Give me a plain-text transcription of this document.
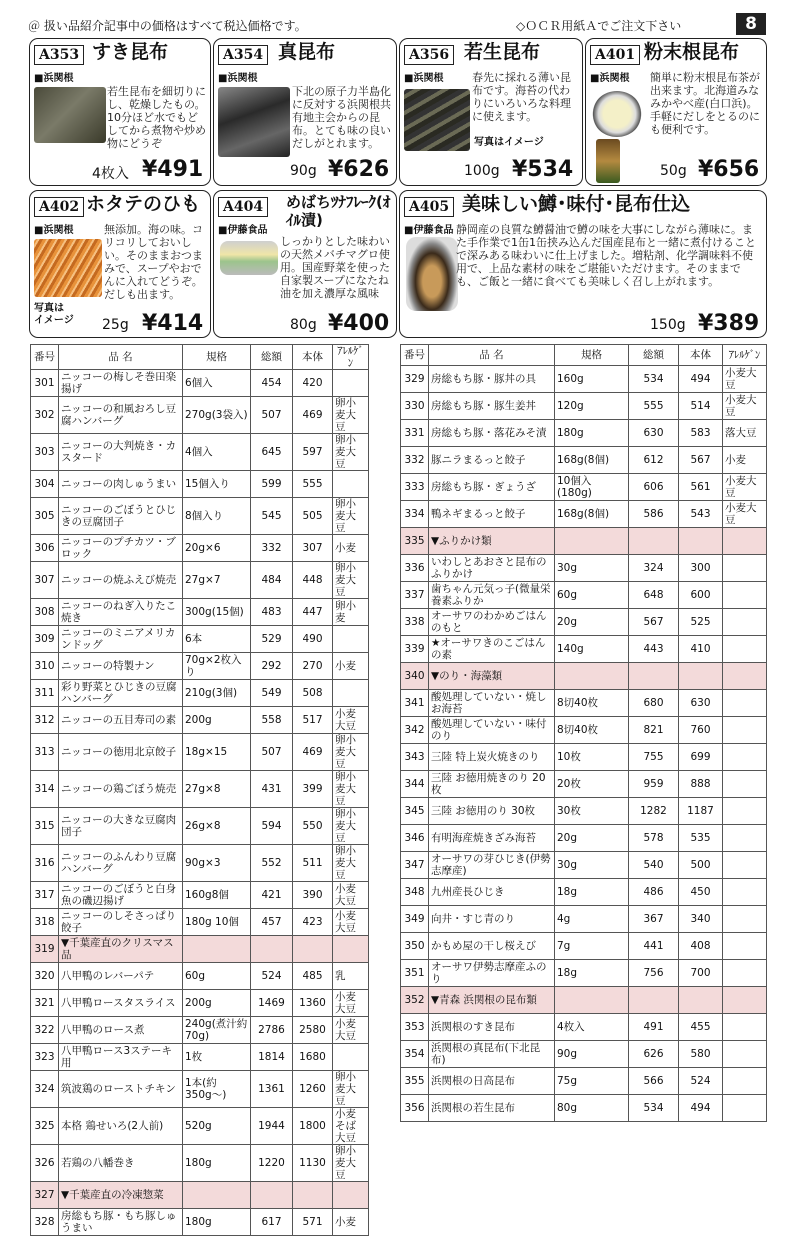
＠ 扱い品紹介記事中の価格はすべて税込価格です。	◇ＯＣＲ用紙Ａでご注文下さい	8
A353 すき昆布
■浜関根
若生昆布を細切りにし、乾燥したもの。10分ほど水でもどしてから煮物や炒め物にどうぞ
4枚入 ¥491
A354 真昆布
■浜関根
下北の原子力半島化に反対する浜関根共有地主会からの昆布。とても味の良いだしがとれます。
90g ¥626
A356 若生昆布
■浜関根	春先に採れる薄い昆布です。海苔の代わりにいろいろな料理に使えます。
写真はイメージ
100g ¥534
A401 粉末根昆布
■浜関根 簡単に粉末根昆布茶が出来ます。北海道みなみかやべ産(白口浜)。手軽にだしをとるのにも便利です。
50g ¥656
A402 ホタテのひも
■浜関根	無添加。海の味。コリコリしておいしい。そのままおつまみで、スープやおでんに入れてどうぞ。だしも出ます。
写真は
イメージ 25g ¥414
A404	めばちﾂﾅﾌﾚｰｸ(ｵｲﾙ漬)
■伊藤食品
しっかりとした味わいの天然メバチマグロ使用。国産野菜を使った自家製スープになたね油を加え濃厚な風味
80g ¥400
A405 美味しい鱒･味付･昆布仕込
■伊藤食品 静岡産の良質な鱒醤油で鱒の味を大事にしながら薄味に。また手作業で1缶1缶挟み込んだ国産昆布と一緒に煮付けることで深みある味わいに仕上げました。増粘剤、化学調味料不使用で、上品な素材の味をご堪能いただけます。そのままでも、ご飯と一緒に食べても美味しく召し上がれます。
150g ¥389
番号	品 名	規格	総額	本体	ｱﾚﾙｹﾞﾝ
301	ニッコーの梅しそ巻田楽揚げ	6個入	454	420	
302	ニッコーの和風おろし豆腐ハンバーグ	270g(3袋入)	507	469	卵小麦大豆
303	ニッコーの大判焼き・カスタード	4個入	645	597	卵小麦大豆
304	ニッコーの肉しゅうまい	15個入り	599	555	
305	ニッコーのごぼうとひじきの豆腐団子	8個入り	545	505	卵小麦大豆
306	ニッコーのプチカツ・ブロック	20g×6	332	307	小麦
307	ニッコーの焼ふえび焼売	27g×7	484	448	卵小麦大豆
308	ニッコーのねぎ入りたこ焼き	300g(15個)	483	447	卵小麦
309	ニッコーのミニアメリカンドッグ	6本	529	490	
310	ニッコーの特製ナン	70g×2枚入り	292	270	小麦
311	彩り野菜とひじきの豆腐ハンバーグ	210g(3個)	549	508	
312	ニッコーの五目寿司の素	200g	558	517	小麦大豆
313	ニッコーの徳用北京餃子	18g×15	507	469	卵小麦大豆
314	ニッコーの鶏ごぼう焼売	27g×8	431	399	卵小麦大豆
315	ニッコーの大きな豆腐肉団子	26g×8	594	550	卵小麦大豆
316	ニッコーのふんわり豆腐ハンバーグ	90g×3	552	511	卵小麦大豆
317	ニッコーのごぼうと白身魚の磯辺揚げ	160g8個	421	390	小麦大豆
318	ニッコーのしそさっぱり餃子	180g 10個	457	423	小麦大豆
319	▼千葉産直のクリスマス品				
320	八甲鴨のレバーパテ	60g	524	485	乳
321	八甲鴨ロースタスライス	200g	1469	1360	小麦大豆
322	八甲鴨のロース煮	240g(煮汁約70g)	2786	2580	小麦大豆
323	八甲鴨ロース3ステーキ用	1枚	1814	1680	
324	筑波鶏のローストチキン	1本(約350g〜)	1361	1260	卵小麦大豆
325	本格 鶏せいろ(2人前)	520g	1944	1800	小麦そば大豆
326	若鶏の八幡巻き	180g	1220	1130	卵小麦大豆
327	▼千葉産直の冷凍惣菜				
328	房総もち豚・もち豚しゅうまい	180g	617	571	小麦
番号	品 名	規格	総額	本体	ｱﾚﾙｹﾞﾝ
329	房総もち豚・豚丼の具	160g	534	494	小麦大豆
330	房総もち豚・豚生姜丼	120g	555	514	小麦大豆
331	房総もち豚・落花みそ漬	180g	630	583	落大豆
332	豚ニラまるっと餃子	168g(8個)	612	567	小麦
333	房総もち豚・ぎょうざ	10個入(180g)	606	561	小麦大豆
334	鴨ネギまるっと餃子	168g(8個)	586	543	小麦大豆
335	▼ふりかけ類				
336	いわしとあおさと昆布のふりかけ	30g	324	300	
337	歯ちゃん元気っ子(微量栄養素ふりか	60g	648	600	
338	オーサワのわかめごはんのもと	20g	567	525	
339	★オーサワきのこごはんの素	140g	443	410	
340	▼のり・海藻類				
341	酸処理していない・焼しお海苔	8切40枚	680	630	
342	酸処理していない・味付のり	8切40枚	821	760	
343	三陸 特上炭火焼きのり	10枚	755	699	
344	三陸 お徳用焼きのり 20枚	20枚	959	888	
345	三陸 お徳用のり 30枚	30枚	1282	1187	
346	有明海産焼きざみ海苔	20g	578	535	
347	オーサワの芽ひじき(伊勢志摩産)	30g	540	500	
348	九州産長ひじき	18g	486	450	
349	向井・すじ青のり	4g	367	340	
350	かもめ屋の干し桜えび	7g	441	408	
351	オーサワ伊勢志摩産ふのり	18g	756	700	
352	▼青森 浜関根の昆布類				
353	浜関根のすき昆布	4枚入	491	455	
354	浜関根の真昆布(下北昆布)	90g	626	580	
355	浜関根の日高昆布	75g	566	524	
356	浜関根の若生昆布	80g	534	494	
